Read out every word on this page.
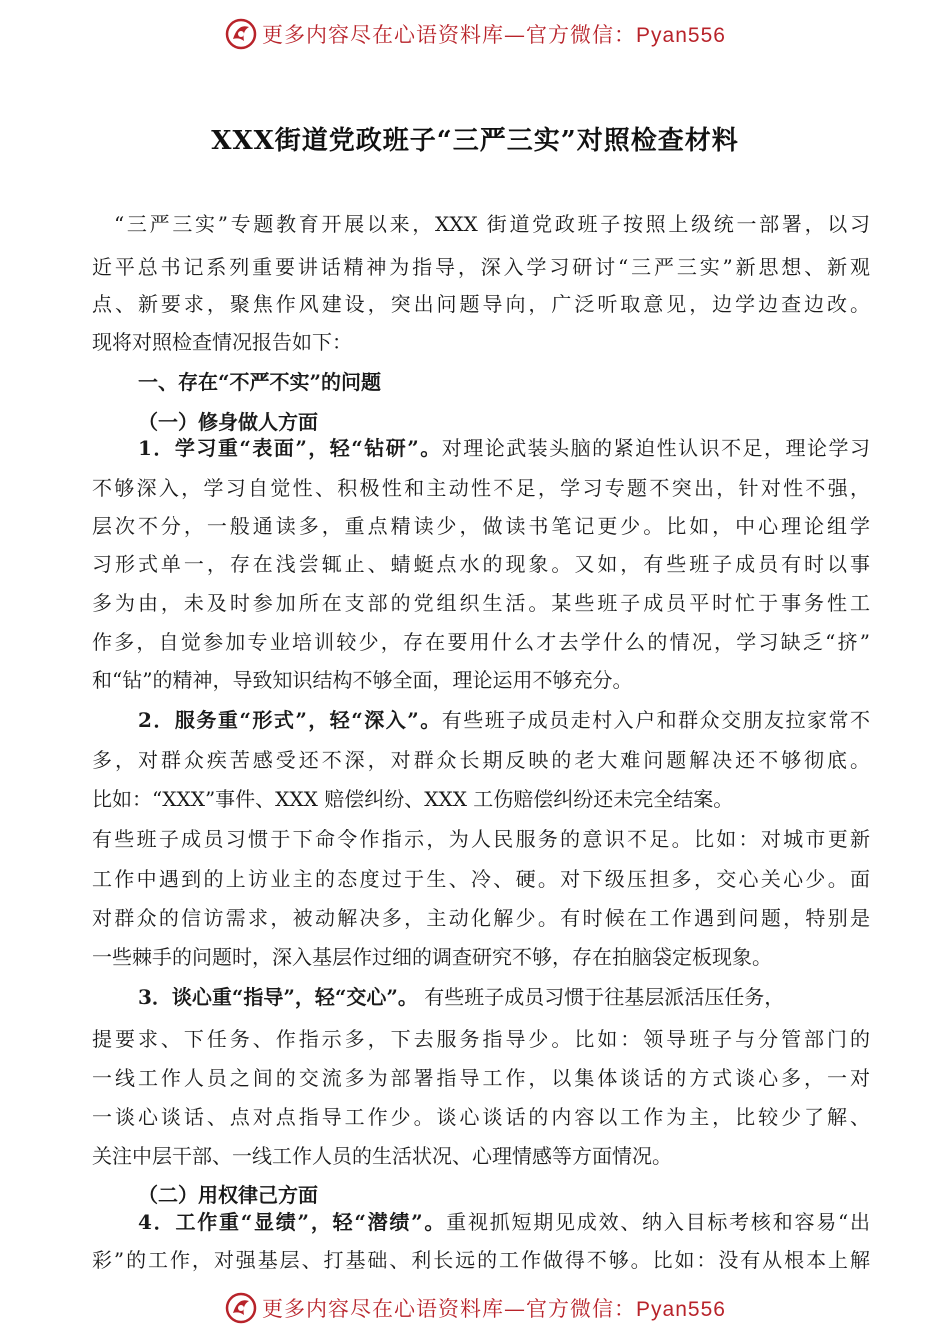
更多内容尽在心语资料库—官方微信：Pyan556
XXX街道党政班子“三严三实”对照检查材料
“三严三实”专题教育开展以来，XXX 街道党政班子按照上级统一部署，以习
近平总书记系列重要讲话精神为指导，深入学习研讨“三严三实”新思想、新观
点、新要求，聚焦作风建设，突出问题导向，广泛听取意见，边学边查边改。
现将对照检查情况报告如下：
一、存在“不严不实”的问题
（一）修身做人方面
1．学习重“表面”，轻“钻研”。对理论武装头脑的紧迫性认识不足，理论学习
不够深入，学习自觉性、积极性和主动性不足，学习专题不突出，针对性不强，
层次不分，一般通读多，重点精读少，做读书笔记更少。比如，中心理论组学
习形式单一，存在浅尝辄止、蜻蜓点水的现象。又如，有些班子成员有时以事
多为由，未及时参加所在支部的党组织生活。某些班子成员平时忙于事务性工
作多，自觉参加专业培训较少，存在要用什么才去学什么的情况，学习缺乏“挤”
和“钻”的精神，导致知识结构不够全面，理论运用不够充分。
2．服务重“形式”，轻“深入”。有些班子成员走村入户和群众交朋友拉家常不
多，对群众疾苦感受还不深，对群众长期反映的老大难问题解决还不够彻底。
比如：“XXX”事件、XXX 赔偿纠纷、XXX 工伤赔偿纠纷还未完全结案。
有些班子成员习惯于下命令作指示，为人民服务的意识不足。比如：对城市更新
工作中遇到的上访业主的态度过于生、冷、硬。对下级压担多，交心关心少。面
对群众的信访需求，被动解决多，主动化解少。有时候在工作遇到问题，特别是
一些棘手的问题时，深入基层作过细的调查研究不够，存在拍脑袋定板现象。
3．谈心重“指导”，轻“交心”。 有些班子成员习惯于往基层派活压任务，
提要求、下任务、作指示多，下去服务指导少。比如：领导班子与分管部门的
一线工作人员之间的交流多为部署指导工作，以集体谈话的方式谈心多，一对
一谈心谈话、点对点指导工作少。谈心谈话的内容以工作为主，比较少了解、
关注中层干部、一线工作人员的生活状况、心理情感等方面情况。
（二）用权律己方面
4．工作重“显绩”，轻“潜绩”。重视抓短期见成效、纳入目标考核和容易“出
彩”的工作，对强基层、打基础、利长远的工作做得不够。比如：没有从根本上解
更多内容尽在心语资料库—官方微信：Pyan556
